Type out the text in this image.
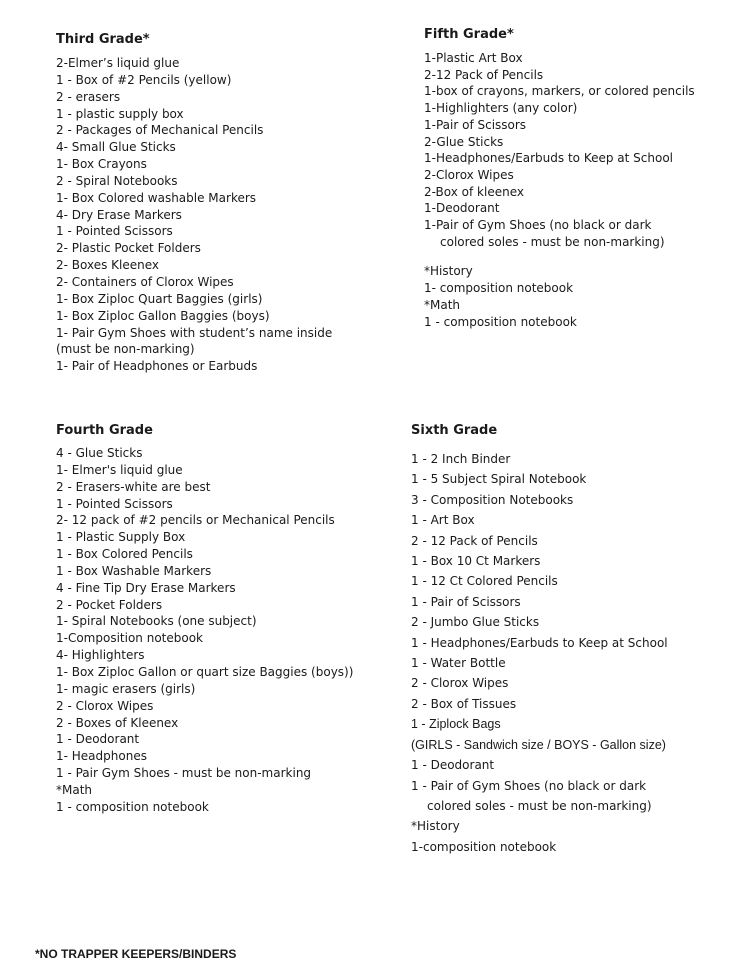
Third Grade*

2-Elmer’s liquid glue
1 - Box of #2 Pencils (yellow)
2 - erasers
1 - plastic supply box
2 - Packages of Mechanical Pencils
4- Small Glue Sticks
1- Box Crayons
2 - Spiral Notebooks
1- Box Colored washable Markers
4- Dry Erase Markers
1 - Pointed Scissors
2- Plastic Pocket Folders
2- Boxes Kleenex
2- Containers of Clorox Wipes
1- Box Ziploc Quart Baggies (girls)
1- Box Ziploc Gallon Baggies (boys)
1- Pair Gym Shoes with student’s name inside
(must be non-marking)
1- Pair of Headphones or Earbuds

Fifth Grade*

1-Plastic Art Box
2-12 Pack of Pencils
1-box of crayons, markers, or colored pencils
1-Highlighters (any color)
1-Pair of Scissors
2-Glue Sticks
1-Headphones/Earbuds to Keep at School
2-Clorox Wipes
2-Box of kleenex
1-Deodorant
1-Pair of Gym Shoes (no black or dark
colored soles - must be non-marking)
*History
1- composition notebook
*Math
1 - composition notebook

Fourth Grade

4 - Glue Sticks
1- Elmer's liquid glue
2 - Erasers-white are best
1 - Pointed Scissors
2- 12 pack of #2 pencils or Mechanical Pencils
1 - Plastic Supply Box
1 - Box Colored Pencils
1 - Box Washable Markers
4 - Fine Tip Dry Erase Markers
2 - Pocket Folders
1- Spiral Notebooks (one subject)
1-Composition notebook
4- Highlighters
1- Box Ziploc Gallon or quart size Baggies (boys))
1- magic erasers (girls)
2 - Clorox Wipes
2 - Boxes of Kleenex
1 - Deodorant
1- Headphones
1 - Pair Gym Shoes - must be non-marking
*Math
1 - composition notebook

Sixth Grade

1 - 2 Inch Binder
1 - 5 Subject Spiral Notebook
3 - Composition Notebooks
1 - Art Box
2 - 12 Pack of Pencils
1 - Box 10 Ct Markers
1 - 12 Ct Colored Pencils
1 - Pair of Scissors
2 - Jumbo Glue Sticks
1 - Headphones/Earbuds to Keep at School
1 - Water Bottle
2 - Clorox Wipes
2 - Box of Tissues
1 - Ziplock Bags
(GIRLS - Sandwich size / BOYS - Gallon size)
1 - Deodorant
1 - Pair of Gym Shoes (no black or dark
colored soles - must be non-marking)
*History
1-composition notebook

*NO TRAPPER KEEPERS/BINDERS
